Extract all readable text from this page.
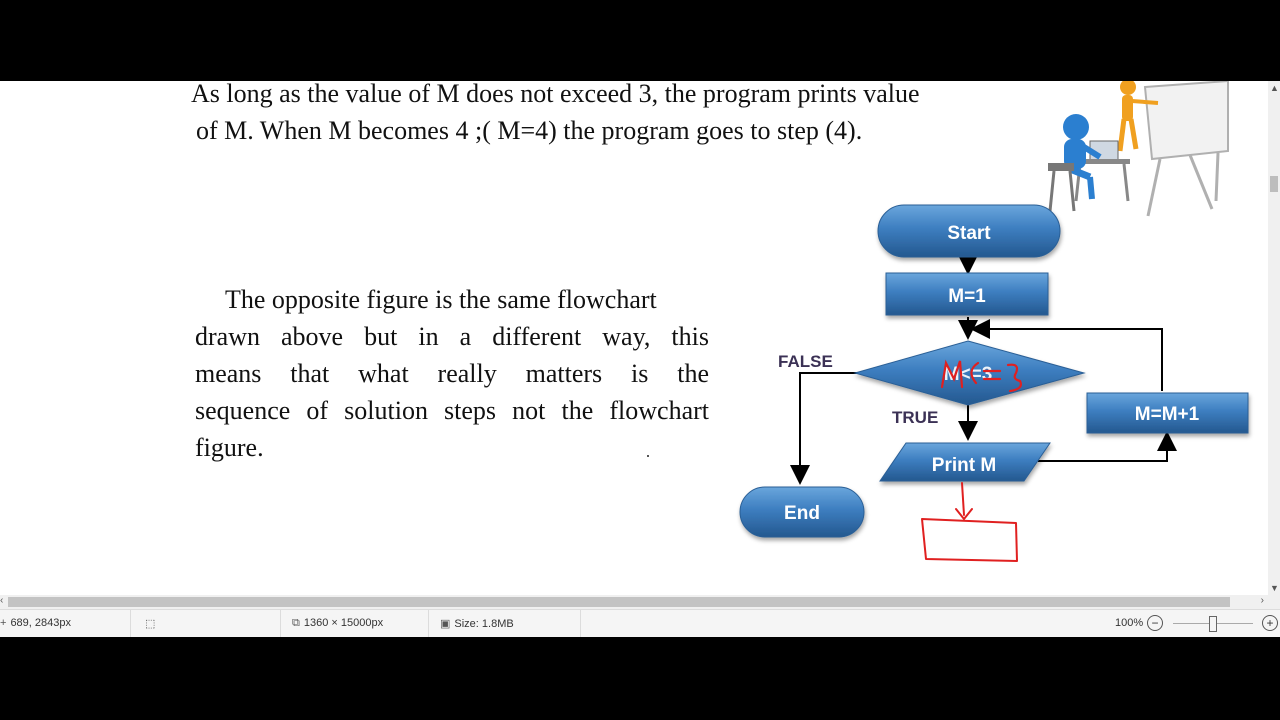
As long as the value of M does not exceed 3, the program prints value
of M. When M becomes 4 ;( M=4) the program goes to step (4).
The opposite figure is the same flowchart
drawn above but in a different way, this
means that what really matters is the
sequence of solution steps not the flowchart
figure.
Start
M=1
M<=3
FALSE
TRUE	M=M+1
Print M
End
▲
▼
‹	›
+ 689, 2843px	⬚	⧉ 1360 × 15000px	▣ Size: 1.8MB	100% −	+
